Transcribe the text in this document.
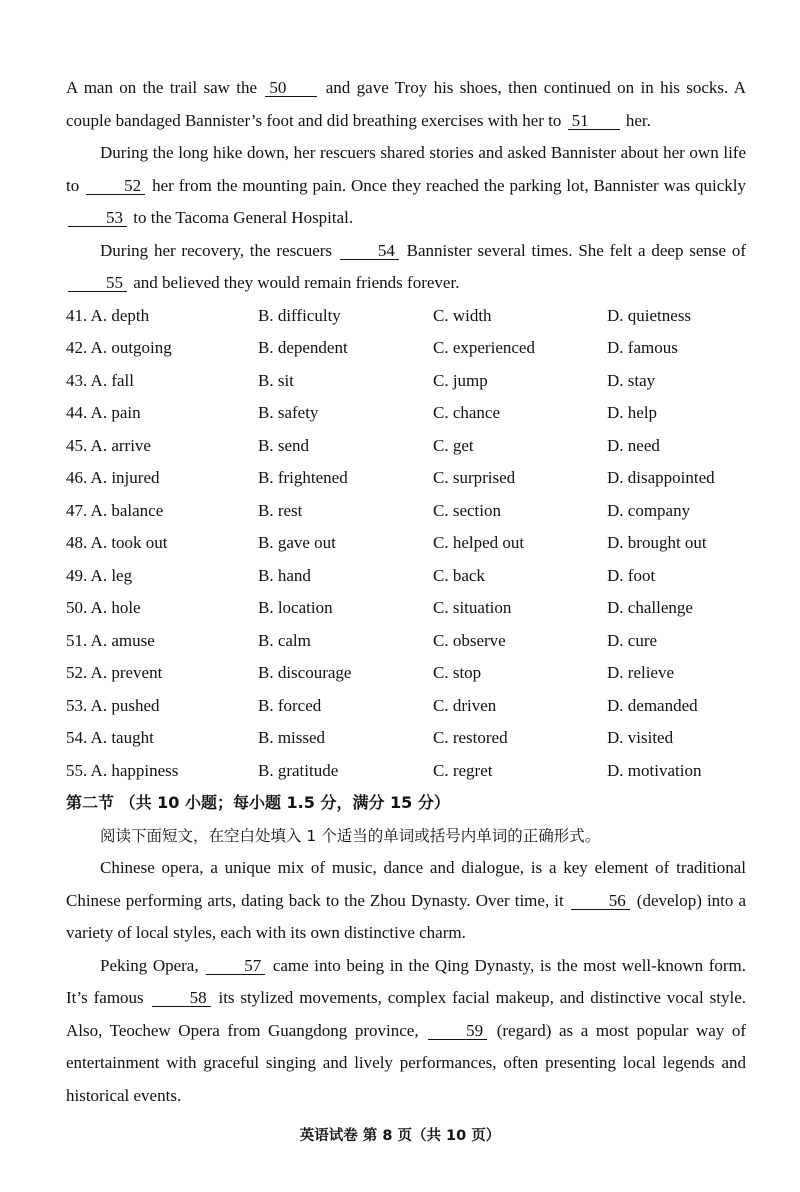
A man on the trail saw the 50 and gave Troy his shoes, then continued on in his socks. A couple bandaged Bannister’s foot and did breathing exercises with her to 51 her.

During the long hike down, her rescuers shared stories and asked Bannister about her own life to 52 her from the mounting pain. Once they reached the parking lot, Bannister was quickly 53 to the Tacoma General Hospital.

During her recovery, the rescuers 54 Bannister several times. She felt a deep sense of 55 and believed they would remain friends forever.

41. A. depth	B. difficulty	C. width	D. quietness
42. A. outgoing	B. dependent	C. experienced	D. famous
43. A. fall	B. sit	C. jump	D. stay
44. A. pain	B. safety	C. chance	D. help
45. A. arrive	B. send	C. get	D. need
46. A. injured	B. frightened	C. surprised	D. disappointed
47. A. balance	B. rest	C. section	D. company
48. A. took out	B. gave out	C. helped out	D. brought out
49. A. leg	B. hand	C. back	D. foot
50. A. hole	B. location	C. situation	D. challenge
51. A. amuse	B. calm	C. observe	D. cure
52. A. prevent	B. discourage	C. stop	D. relieve
53. A. pushed	B. forced	C. driven	D. demanded
54. A. taught	B. missed	C. restored	D. visited
55. A. happiness	B. gratitude	C. regret	D. motivation

第二节 （共 10 小题；每小题 1.5 分，满分 15 分）

阅读下面短文，在空白处填入 1 个适当的单词或括号内单词的正确形式。

Chinese opera, a unique mix of music, dance and dialogue, is a key element of traditional Chinese performing arts, dating back to the Zhou Dynasty. Over time, it 56 (develop) into a variety of local styles, each with its own distinctive charm.

Peking Opera, 57 came into being in the Qing Dynasty, is the most well-known form. It’s famous 58 its stylized movements, complex facial makeup, and distinctive vocal style. Also, Teochew Opera from Guangdong province, 59 (regard) as a most popular way of entertainment with graceful singing and lively performances, often presenting local legends and historical events.

英语试卷 第 8 页（共 10 页）
